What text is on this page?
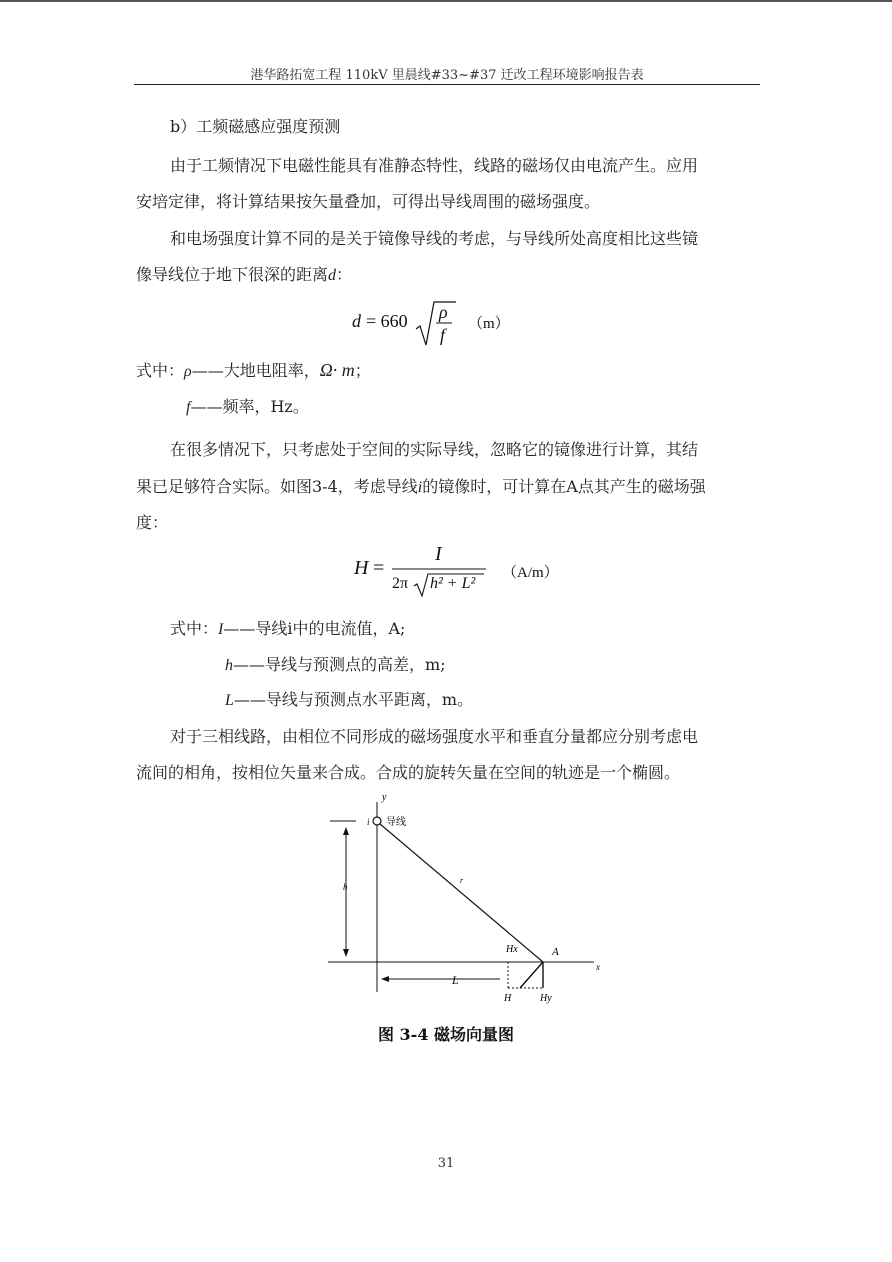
港华路拓宽工程 110kV 里晨线#33~#37 迁改工程环境影响报告表
b）工频磁感应强度预测
由于工频情况下电磁性能具有准静态特性，线路的磁场仅由电流产生。应用
安培定律，将计算结果按矢量叠加，可得出导线周围的磁场强度。
和电场强度计算不同的是关于镜像导线的考虑，与导线所处高度相比这些镜
像导线位于地下很深的距离d：
d = 660 ρ
f
（m）
式中：ρ——大地电阻率，Ω· m；
f——频率，Hz。
在很多情况下，只考虑处于空间的实际导线，忽略它的镜像进行计算，其结
果已足够符合实际。如图3-4，考虑导线i的镜像时，可计算在A点其产生的磁场强
度：
H =
I
2π h² + L²
（A/m）
式中：I——导线i中的电流值，A;
h——导线与预测点的高差，m;
L——导线与预测点水平距离，m。
对于三相线路，由相位不同形成的磁场强度水平和垂直分量都应分别考虑电
流间的相角，按相位矢量来合成。合成的旋转矢量在空间的轨迹是一个椭圆。
y
x
i 导线
h
r
Hx	A
H	Hy
L
图 3-4 磁场向量图
31
